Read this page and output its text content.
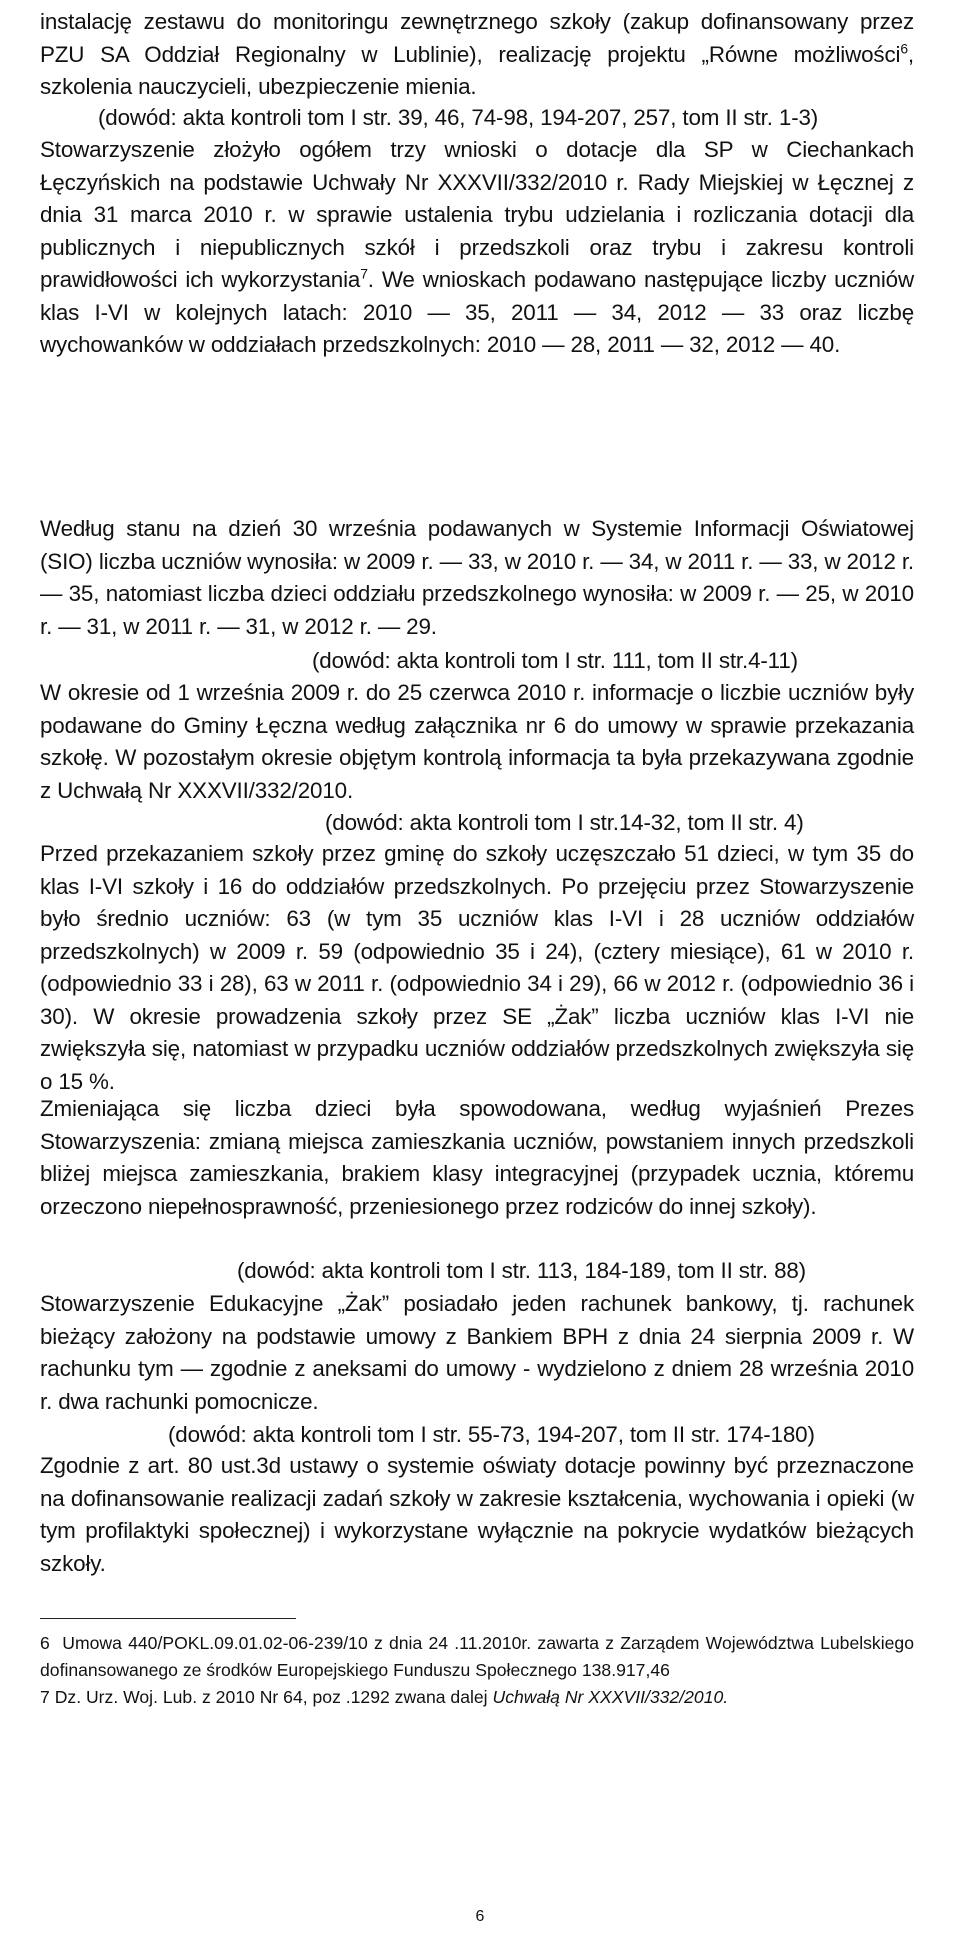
instalację zestawu do monitoringu zewnętrznego szkoły (zakup dofinansowany przez PZU SA Oddział Regionalny w Lublinie), realizację projektu „Równe możliwości$^6$, szkolenia nauczycieli, ubezpieczenie mienia.

(dowód: akta kontroli tom I str. 39, 46, 74-98, 194-207, 257, tom II str. 1-3)

Stowarzyszenie złożyło ogółem trzy wnioski o dotacje dla SP w Ciechankach Łęczyńskich na podstawie Uchwały Nr XXXVII/332/2010 r. Rady Miejskiej w Łęcznej z dnia 31 marca 2010 r. w sprawie ustalenia trybu udzielania i rozliczania dotacji dla publicznych i niepublicznych szkół i przedszkoli oraz trybu i zakresu kontroli prawidłowości ich wykorzystania$^7$. We wnioskach podawano następujące liczby uczniów klas I-VI w kolejnych latach: 2010 — 35, 2011 — 34, 2012 — 33 oraz liczbę wychowanków w oddziałach przedszkolnych: 2010 — 28, 2011 — 32, 2012 — 40.

Według stanu na dzień 30 września podawanych w Systemie Informacji Oświatowej (SIO) liczba uczniów wynosiła: w 2009 r. — 33, w 2010 r. — 34, w 2011 r. — 33, w 2012 r. — 35, natomiast liczba dzieci oddziału przedszkolnego wynosiła: w 2009 r. — 25, w 2010 r. — 31, w 2011 r. — 31, w 2012 r. — 29.

(dowód: akta kontroli tom I str. 111, tom II str.4-11)

W okresie od 1 września 2009 r. do 25 czerwca 2010 r. informacje o liczbie uczniów były podawane do Gminy Łęczna według załącznika nr 6 do umowy w sprawie przekazania szkołę. W pozostałym okresie objętym kontrolą informacja ta była przekazywana zgodnie z Uchwałą Nr XXXVII/332/2010.

(dowód: akta kontroli tom I str.14-32, tom II str. 4)

Przed przekazaniem szkoły przez gminę do szkoły uczęszczało 51 dzieci, w tym 35 do klas I-VI szkoły i 16 do oddziałów przedszkolnych. Po przejęciu przez Stowarzyszenie było średnio uczniów: 63 (w tym 35 uczniów klas I-VI i 28 uczniów oddziałów przedszkolnych) w 2009 r. 59 (odpowiednio 35 i 24), (cztery miesiące), 61 w 2010 r. (odpowiednio 33 i 28), 63 w 2011 r. (odpowiednio 34 i 29), 66 w 2012 r. (odpowiednio 36 i 30). W okresie prowadzenia szkoły przez SE „Żak” liczba uczniów klas I-VI nie zwiększyła się, natomiast w przypadku uczniów oddziałów przedszkolnych zwiększyła się o 15 %.

Zmieniająca się liczba dzieci była spowodowana, według wyjaśnień Prezes Stowarzyszenia: zmianą miejsca zamieszkania uczniów, powstaniem innych przedszkoli bliżej miejsca zamieszkania, brakiem klasy integracyjnej (przypadek ucznia, któremu orzeczono niepełnosprawność, przeniesionego przez rodziców do innej szkoły).

(dowód: akta kontroli tom I str. 113, 184-189, tom II str. 88)

Stowarzyszenie Edukacyjne „Żak” posiadało jeden rachunek bankowy, tj. rachunek bieżący założony na podstawie umowy z Bankiem BPH z dnia 24 sierpnia 2009 r. W rachunku tym — zgodnie z aneksami do umowy - wydzielono z dniem 28 września 2010 r. dwa rachunki pomocnicze.

(dowód: akta kontroli tom I str. 55-73, 194-207, tom II str. 174-180)

Zgodnie z art. 80 ust.3d ustawy o systemie oświaty dotacje powinny być przeznaczone na dofinansowanie realizacji zadań szkoły w zakresie kształcenia, wychowania i opieki (w tym profilaktyki społecznej) i wykorzystane wyłącznie na pokrycie wydatków bieżących szkoły.

6 Umowa 440/POKL.09.01.02-06-239/10 z dnia 24 .11.2010r. zawarta z Zarządem Województwa Lubelskiego dofinansowanego ze środków Europejskiego Funduszu Społecznego 138.917,46

7 Dz. Urz. Woj. Lub. z 2010 Nr 64, poz .1292 zwana dalej Uchwałą Nr XXXVII/332/2010.

6
